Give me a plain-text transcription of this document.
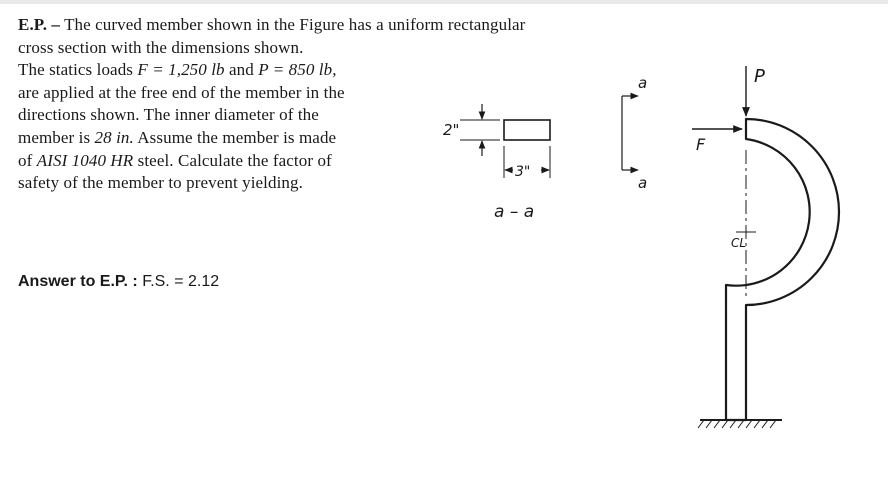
E.P. – The curved member shown in the Figure has a uniform rectangular
cross section with the dimensions shown.
The statics loads F = 1,250 lb and P = 850 lb,
are applied at the free end of the member in the
directions shown. The inner diameter of the
member is 28 in. Assume the member is made
of AISI 1040 HR steel. Calculate the factor of
safety of the member to prevent yielding.
Answer to E.P. : F.S. = 2.12
2"
3"
a – a
a
a
CL
P
F
